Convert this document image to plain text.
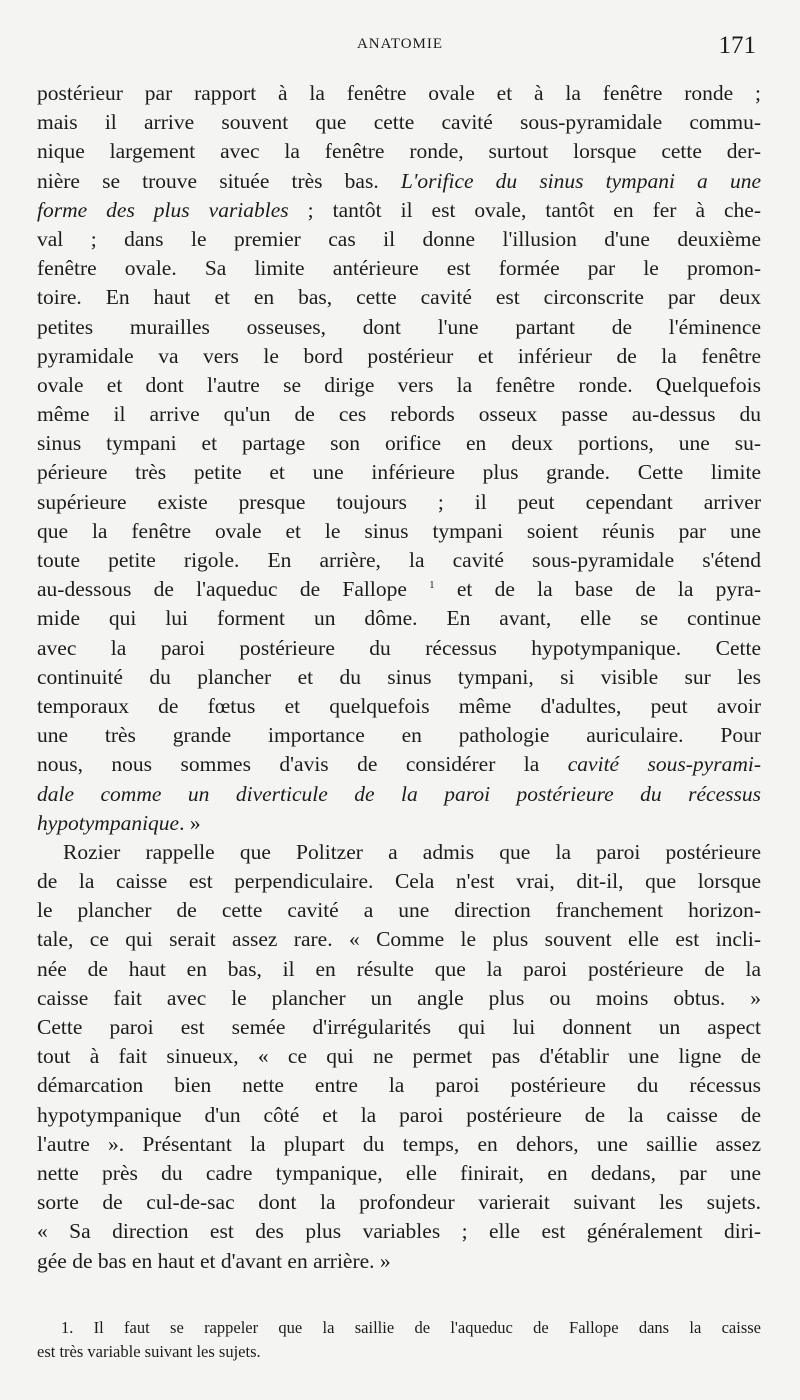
ANATOMIE	171
postérieur par rapport à la fenêtre ovale et à la fenêtre ronde ;
mais il arrive souvent que cette cavité sous-pyramidale commu-
nique largement avec la fenêtre ronde, surtout lorsque cette der-
nière se trouve située très bas. L'orifice du sinus tympani a une
forme des plus variables ; tantôt il est ovale, tantôt en fer à che-
val ; dans le premier cas il donne l'illusion d'une deuxième
fenêtre ovale. Sa limite antérieure est formée par le promon-
toire. En haut et en bas, cette cavité est circonscrite par deux
petites murailles osseuses, dont l'une partant de l'éminence
pyramidale va vers le bord postérieur et inférieur de la fenêtre
ovale et dont l'autre se dirige vers la fenêtre ronde. Quelquefois
même il arrive qu'un de ces rebords osseux passe au-dessus du
sinus tympani et partage son orifice en deux portions, une su-
périeure très petite et une inférieure plus grande. Cette limite
supérieure existe presque toujours ; il peut cependant arriver
que la fenêtre ovale et le sinus tympani soient réunis par une
toute petite rigole. En arrière, la cavité sous-pyramidale s'étend
au-dessous de l'aqueduc de Fallope $^1$ et de la base de la pyra-
mide qui lui forment un dôme. En avant, elle se continue
avec la paroi postérieure du récessus hypotympanique. Cette
continuité du plancher et du sinus tympani, si visible sur les
temporaux de fœtus et quelquefois même d'adultes, peut avoir
une très grande importance en pathologie auriculaire. Pour
nous, nous sommes d'avis de considérer la cavité sous-pyrami-
dale comme un diverticule de la paroi postérieure du récessus
hypotympanique. »
Rozier rappelle que Politzer a admis que la paroi postérieure
de la caisse est perpendiculaire. Cela n'est vrai, dit-il, que lorsque
le plancher de cette cavité a une direction franchement horizon-
tale, ce qui serait assez rare. « Comme le plus souvent elle est incli-
née de haut en bas, il en résulte que la paroi postérieure de la
caisse fait avec le plancher un angle plus ou moins obtus. »
Cette paroi est semée d'irrégularités qui lui donnent un aspect
tout à fait sinueux, « ce qui ne permet pas d'établir une ligne de
démarcation bien nette entre la paroi postérieure du récessus
hypotympanique d'un côté et la paroi postérieure de la caisse de
l'autre ». Présentant la plupart du temps, en dehors, une saillie assez
nette près du cadre tympanique, elle finirait, en dedans, par une
sorte de cul-de-sac dont la profondeur varierait suivant les sujets.
« Sa direction est des plus variables ; elle est généralement diri-
gée de bas en haut et d'avant en arrière. »
1. Il faut se rappeler que la saillie de l'aqueduc de Fallope dans la caisse
est très variable suivant les sujets.
